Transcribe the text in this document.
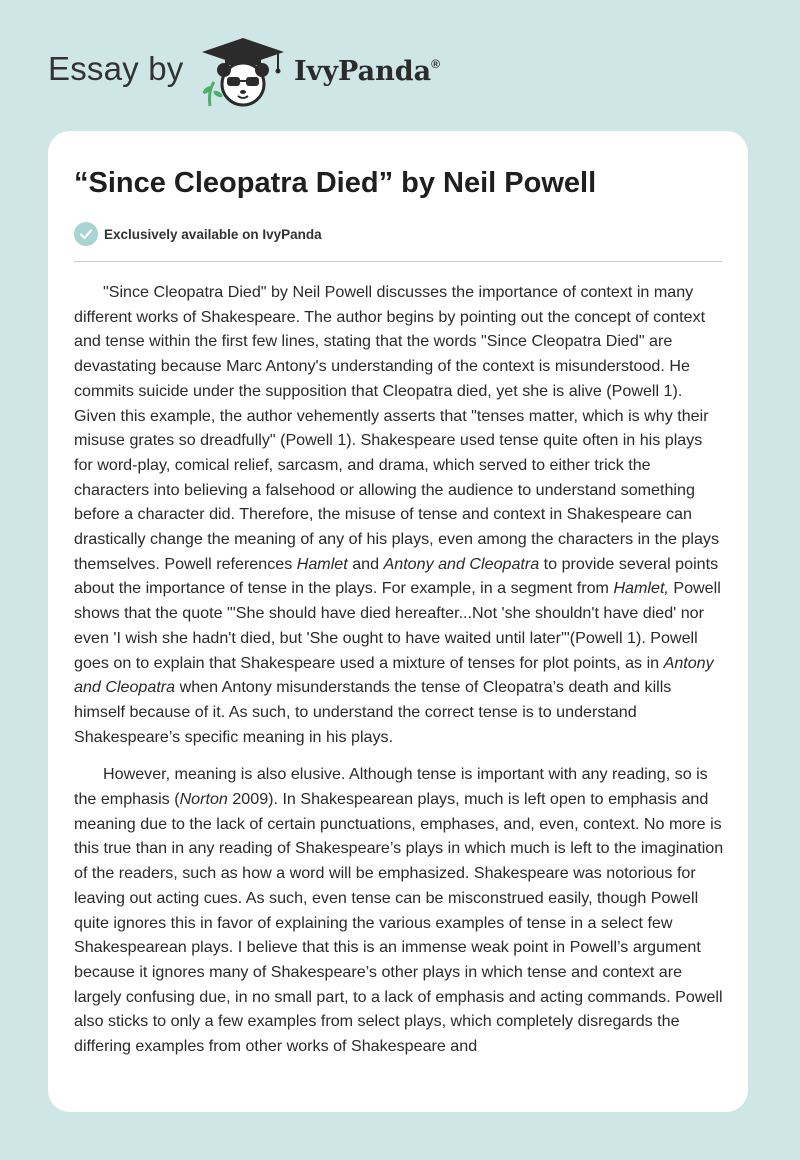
Essay by	IvyPanda®
“Since Cleopatra Died” by Neil Powell
Exclusively available on IvyPanda

"Since Cleopatra Died" by Neil Powell discusses the importance of context in many different works of Shakespeare. The author begins by pointing out the concept of context and tense within the first few lines, stating that the words "Since Cleopatra Died" are devastating because Marc Antony's understanding of the context is misunderstood. He commits suicide under the supposition that Cleopatra died, yet she is alive (Powell 1). Given this example, the author vehemently asserts that "tenses matter, which is why their misuse grates so dreadfully" (Powell 1). Shakespeare used tense quite often in his plays for word-play, comical relief, sarcasm, and drama, which served to either trick the characters into believing a falsehood or allowing the audience to understand something before a character did. Therefore, the misuse of tense and context in Shakespeare can drastically change the meaning of any of his plays, even among the characters in the plays themselves. Powell references Hamlet and Antony and Cleopatra to provide several points about the importance of tense in the plays. For example, in a segment from Hamlet, Powell shows that the quote "'She should have died hereafter...Not 'she shouldn't have died' nor even 'I wish she hadn't died, but 'She ought to have waited until later'"(Powell 1). Powell goes on to explain that Shakespeare used a mixture of tenses for plot points, as in Antony and Cleopatra when Antony misunderstands the tense of Cleopatra’s death and kills himself because of it. As such, to understand the correct tense is to understand Shakespeare’s specific meaning in his plays.

However, meaning is also elusive. Although tense is important with any reading, so is the emphasis (Norton 2009). In Shakespearean plays, much is left open to emphasis and meaning due to the lack of certain punctuations, emphases, and, even, context. No more is this true than in any reading of Shakespeare’s plays in which much is left to the imagination of the readers, such as how a word will be emphasized. Shakespeare was notorious for leaving out acting cues. As such, even tense can be misconstrued easily, though Powell quite ignores this in favor of explaining the various examples of tense in a select few Shakespearean plays. I believe that this is an immense weak point in Powell’s argument because it ignores many of Shakespeare’s other plays in which tense and context are largely confusing due, in no small part, to a lack of emphasis and acting commands. Powell also sticks to only a few examples from select plays, which completely disregards the differing examples from other works of Shakespeare and
